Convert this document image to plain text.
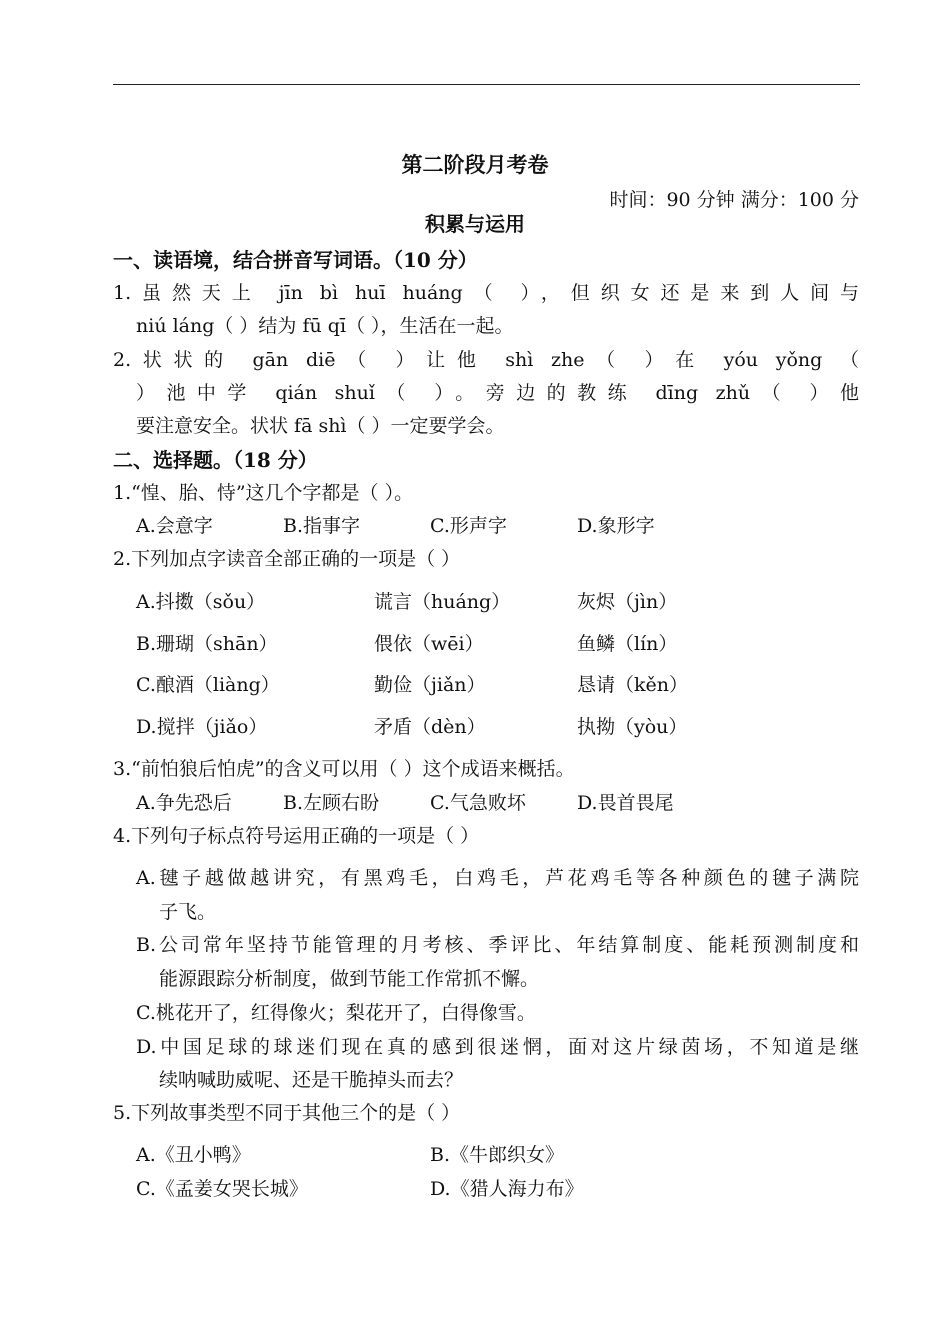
第二阶段月考卷
时间：90 分钟 满分：100 分
积累与运用
一、读语境，结合拼音写词语。（10 分）
1.虽然天上 jīn bì huī huáng（ ），但织女还是来到人间与
niú láng（ ）结为 fū qī（ ），生活在一起。
2.状状的 gān diē（ ）让他 shì zhe（ ）在 yóu yǒng （
）池中学 qián shuǐ（ ）。旁边的教练 dīng zhǔ（ ）他
要注意安全。状状 fā shì（ ）一定要学会。
二、选择题。（18 分）
1.“惶、胎、恃”这几个字都是（ ）。
A.会意字	B.指事字	C.形声字	D.象形字
2.下列加点字读音全部正确的一项是（ ）
A.抖擞（sǒu）	谎言（huáng）	灰烬（jìn）
B.珊瑚（shān）	偎依（wēi）	鱼鳞（lín）
C.酿酒（liàng）	勤俭（jiǎn）	恳请（kěn）
D.搅拌（jiǎo）	矛盾（dèn）	执拗（yòu）
3.“前怕狼后怕虎”的含义可以用（ ）这个成语来概括。
A.争先恐后	B.左顾右盼	C.气急败坏	D.畏首畏尾
4.下列句子标点符号运用正确的一项是（ ）
A.毽子越做越讲究，有黑鸡毛，白鸡毛，芦花鸡毛等各种颜色的毽子满院
子飞。
B.公司常年坚持节能管理的月考核、季评比、年结算制度、能耗预测制度和
能源跟踪分析制度，做到节能工作常抓不懈。
C.桃花开了，红得像火；梨花开了，白得像雪。
D.中国足球的球迷们现在真的感到很迷惘，面对这片绿茵场，不知道是继
续呐喊助威呢、还是干脆掉头而去？
5.下列故事类型不同于其他三个的是（ ）
A.《丑小鸭》	B.《牛郎织女》
C.《孟姜女哭长城》	D.《猎人海力布》
